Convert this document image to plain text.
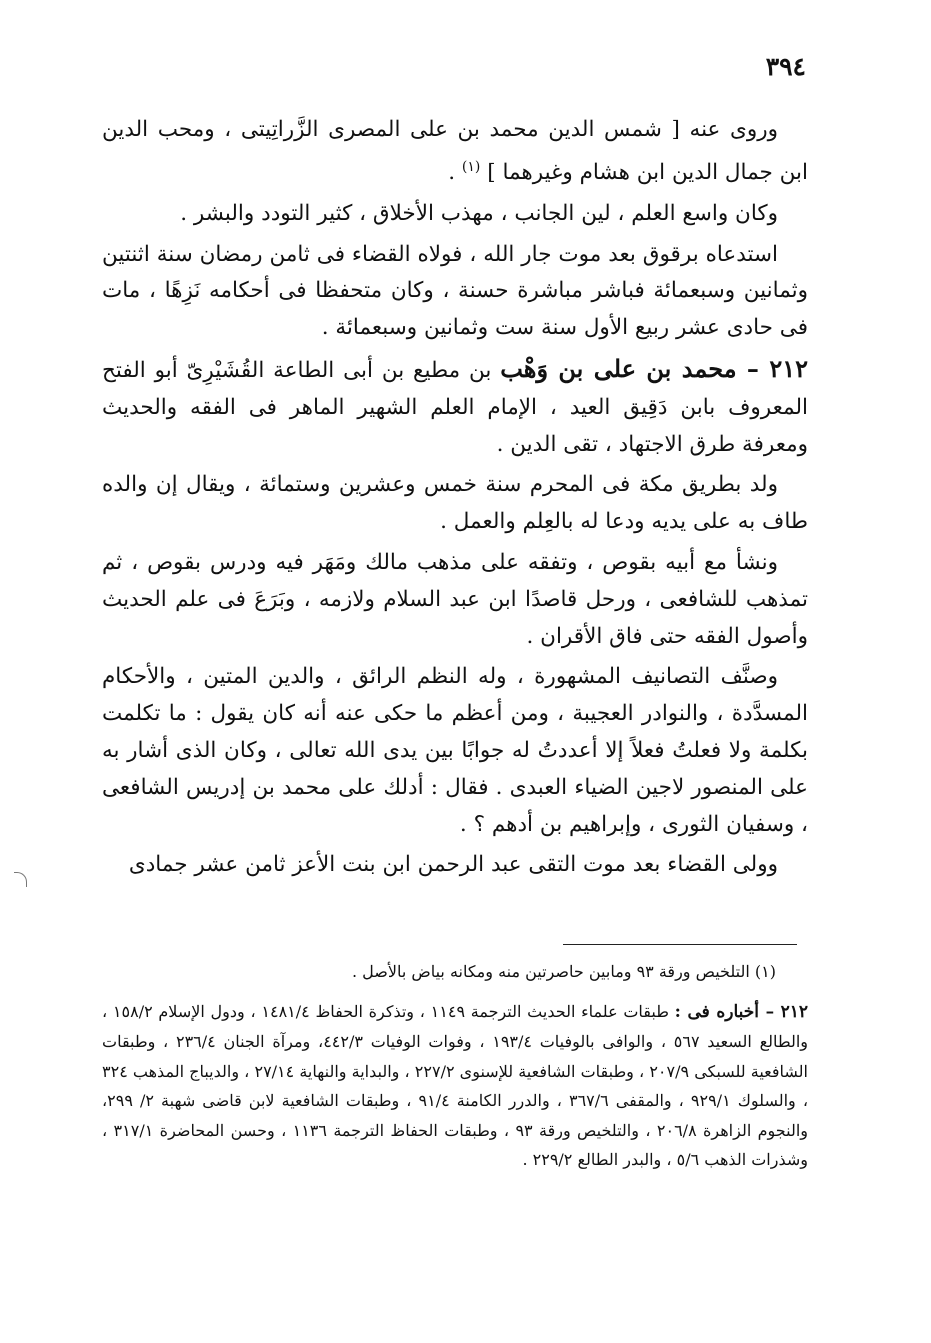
٣٩٤

وروى عنه [ شمس الدين محمد بن على المصرى الزَّراتِيتى ، ومحب الدين ابن جمال الدين ابن هشام وغيرهما ] $^{(١)}$ .

وكان واسع العلم ، لين الجانب ، مهذب الأخلاق ، كثير التودد والبشر .

استدعاه برقوق بعد موت جار الله ، فولاه القضاء فى ثامن رمضان سنة اثنتين وثمانين وسبعمائة فباشر مباشرة حسنة ، وكان متحفظا فى أحكامه نَزِهًا ، مات فى حادى عشر ربيع الأول سنة ست وثمانين وسبعمائة .

٢١٢ – محمد بن على بن وَهْب بن مطيع بن أبى الطاعة القُشَيْرِىّ أبو الفتح المعروف بابن دَقِيق العيد ، الإمام العلم الشهير الماهر فى الفقه والحديث ومعرفة طرق الاجتهاد ، تقى الدين .

ولد بطريق مكة فى المحرم سنة خمس وعشرين وستمائة ، ويقال إن والده طاف به على يديه ودعا له بالعِلم والعمل .

ونشأ مع أبيه بقوص ، وتفقه على مذهب مالك ومَهَر فيه ودرس بقوص ، ثم تمذهب للشافعى ، ورحل قاصدًا ابن عبد السلام ولازمه ، وبَرَعَ فى علم الحديث وأصول الفقه حتى فاق الأقران .

وصنَّف التصانيف المشهورة ، وله النظم الرائق ، والدين المتين ، والأحكام المسدَّدة ، والنوادر العجيبة ، ومن أعظم ما حكى عنه أنه كان يقول : ما تكلمت بكلمة ولا فعلتُ فعلاً إلا أعددتُ له جوابًا بين يدى الله تعالى ، وكان الذى أشار به على المنصور لاجين الضياء العبدى . فقال : أدلك على محمد بن إدريس الشافعى ، وسفيان الثورى ، وإبراهيم بن أدهم ؟ .

وولى القضاء بعد موت التقى عبد الرحمن ابن بنت الأعز ثامن عشر جمادى

(١) التلخيص ورقة ٩٣ ومابين حاصرتين منه ومكانه بياض بالأصل .

٢١٢ – أخباره فى : طبقات علماء الحديث الترجمة ١١٤٩ ، وتذكرة الحفاظ ١٤٨١/٤ ، ودول الإسلام ١٥٨/٢ ، والطالع السعيد ٥٦٧ ، والوافى بالوفيات ١٩٣/٤ ، وفوات الوفيات ٤٤٢/٣، ومرآة الجنان ٢٣٦/٤ ، وطبقات الشافعية للسبكى ٢٠٧/٩ ، وطبقات الشافعية للإسنوى ٢٢٧/٢ ، والبداية والنهاية ٢٧/١٤ ، والديباج المذهب ٣٢٤ ، والسلوك ٩٢٩/١ ، والمقفى ٣٦٧/٦ ، والدرر الكامنة ٩١/٤ ، وطبقات الشافعية لابن قاضى شهبة ٢/ ٢٩٩، والنجوم الزاهرة ٢٠٦/٨ ، والتلخيص ورقة ٩٣ ، وطبقات الحفاظ الترجمة ١١٣٦ ، وحسن المحاضرة ٣١٧/١ ، وشذرات الذهب ٥/٦ ، والبدر الطالع ٢٢٩/٢ .
